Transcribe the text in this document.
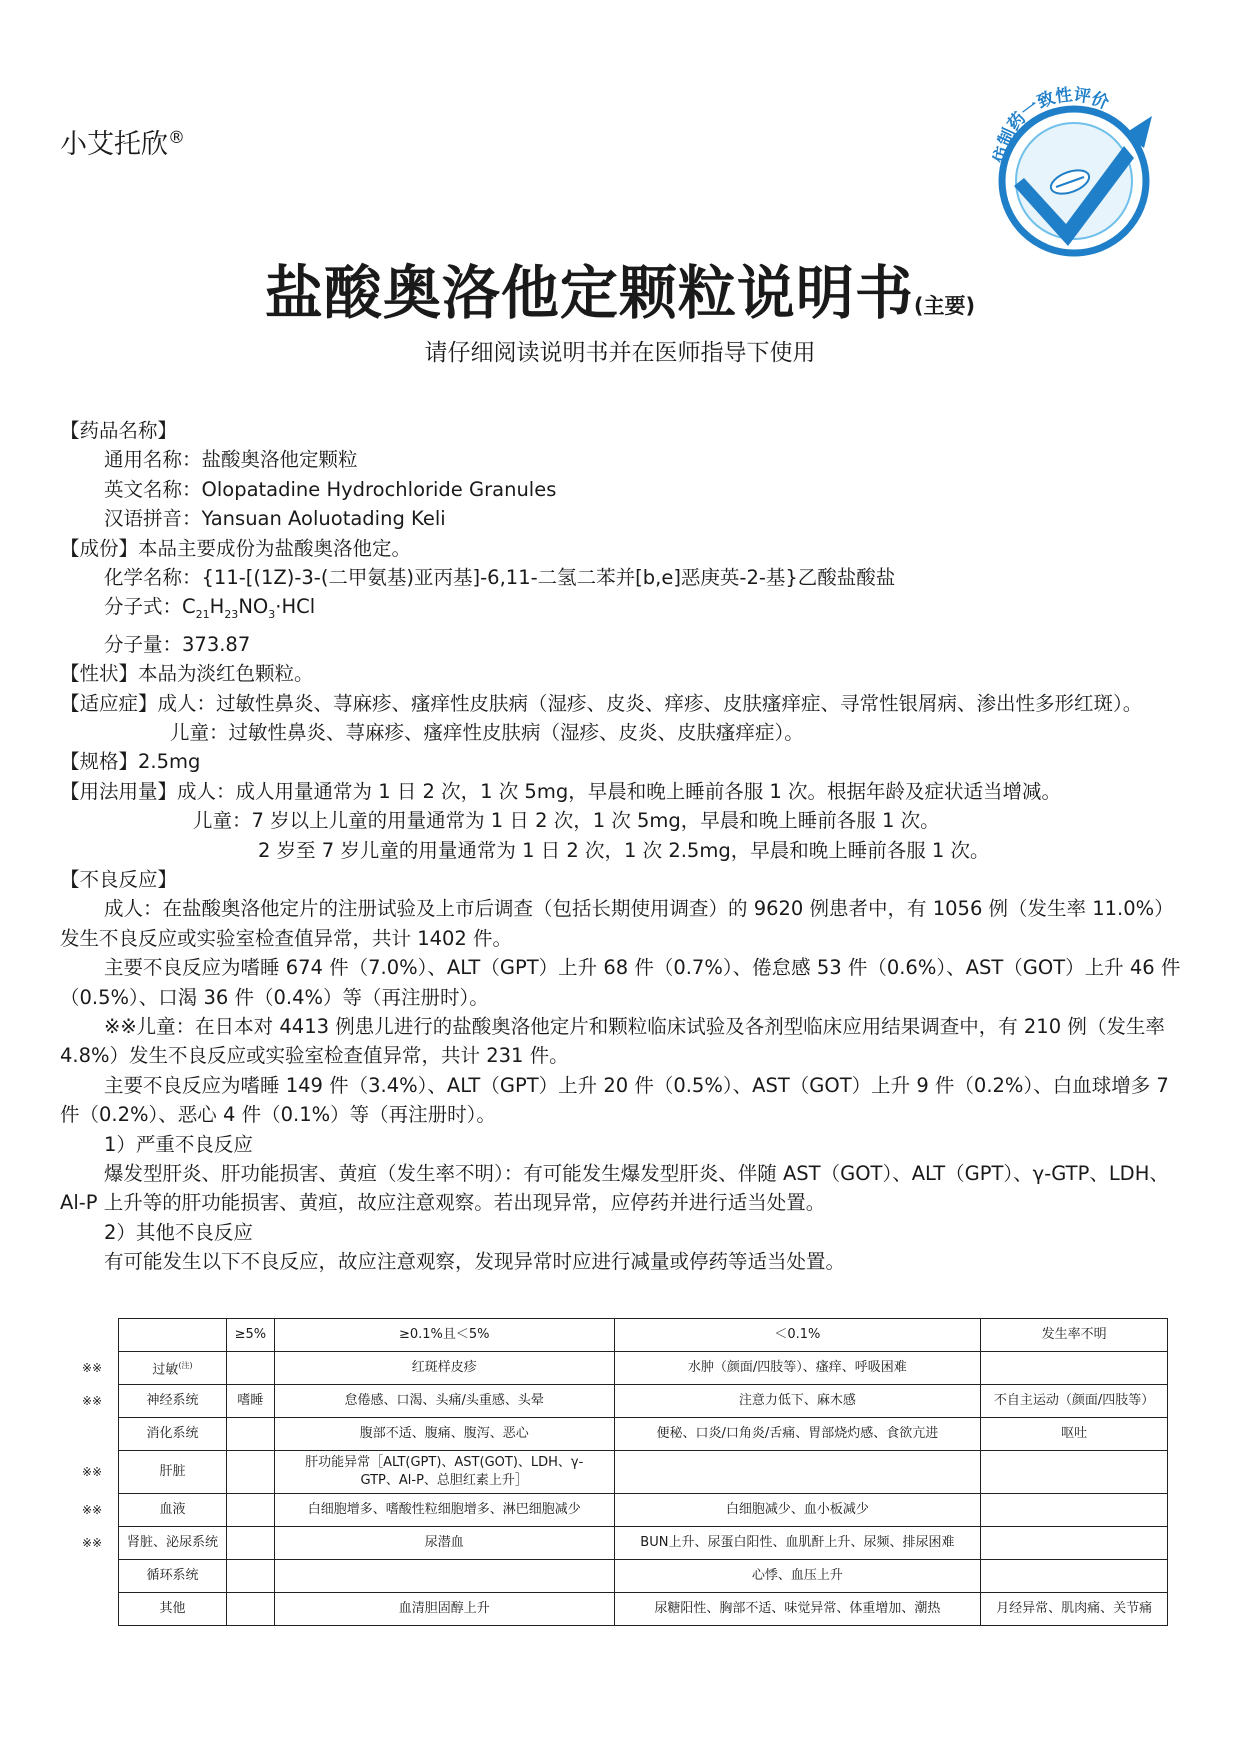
小艾托欣®
仿制药一致性评价
盐酸奥洛他定颗粒说明书(主要)
请仔细阅读说明书并在医师指导下使用

【药品名称】

通用名称：盐酸奥洛他定颗粒

英文名称：Olopatadine Hydrochloride Granules

汉语拼音：Yansuan Aoluotading Keli

【成份】本品主要成份为盐酸奥洛他定。

化学名称：{11-[(1Z)-3-(二甲氨基)亚丙基]-6,11-二氢二苯并[b,e]恶庚英-2-基}乙酸盐酸盐

分子式：$C_{21}H_{23}NO_3\cdot HCl$

分子量：373.87

【性状】本品为淡红色颗粒。

【适应症】成人：过敏性鼻炎、荨麻疹、瘙痒性皮肤病（湿疹、皮炎、痒疹、皮肤瘙痒症、寻常性银屑病、渗出性多形红斑）。

儿童：过敏性鼻炎、荨麻疹、瘙痒性皮肤病（湿疹、皮炎、皮肤瘙痒症）。

【规格】2.5mg

【用法用量】成人：成人用量通常为 1 日 2 次，1 次 5mg，早晨和晚上睡前各服 1 次。根据年龄及症状适当增减。

儿童：7 岁以上儿童的用量通常为 1 日 2 次，1 次 5mg，早晨和晚上睡前各服 1 次。

2 岁至 7 岁儿童的用量通常为 1 日 2 次，1 次 2.5mg，早晨和晚上睡前各服 1 次。

【不良反应】

成人：在盐酸奥洛他定片的注册试验及上市后调查（包括长期使用调查）的 9620 例患者中，有 1056 例（发生率 11.0%）发生不良反应或实验室检查值异常，共计 1402 件。

主要不良反应为嗜睡 674 件（7.0%）、ALT（GPT）上升 68 件（0.7%）、倦怠感 53 件（0.6%）、AST（GOT）上升 46 件（0.5%）、口渴 36 件（0.4%）等（再注册时）。

※※儿童：在日本对 4413 例患儿进行的盐酸奥洛他定片和颗粒临床试验及各剂型临床应用结果调查中，有 210 例（发生率 4.8%）发生不良反应或实验室检查值异常，共计 231 件。

主要不良反应为嗜睡 149 件（3.4%）、ALT（GPT）上升 20 件（0.5%）、AST（GOT）上升 9 件（0.2%）、白血球增多 7 件（0.2%）、恶心 4 件（0.1%）等（再注册时）。

1）严重不良反应

爆发型肝炎、肝功能损害、黄疸（发生率不明）：有可能发生爆发型肝炎、伴随 AST（GOT）、ALT（GPT）、γ-GTP、LDH、Al-P 上升等的肝功能损害、黄疸，故应注意观察。若出现异常，应停药并进行适当处置。

2）其他不良反应

有可能发生以下不良反应，故应注意观察，发现异常时应进行减量或停药等适当处置。

	≥5%	≥0.1%且＜5%	＜0.1%	发生率不明

※※ 过敏$^{(注)}$		红斑样皮疹	水肿（颜面/四肢等）、瘙痒、呼吸困难	

※※ 神经系统	嗜睡	怠倦感、口渴、头痛/头重感、头晕	注意力低下、麻木感	不自主运动（颜面/四肢等）

消化系统		腹部不适、腹痛、腹泻、恶心	便秘、口炎/口角炎/舌痛、胃部烧灼感、食欲亢进	呕吐

※※ 肝脏		肝功能异常［ALT(GPT)、AST(GOT)、LDH、γ-GTP、Al-P、总胆红素上升］		

※※ 血液		白细胞增多、嗜酸性粒细胞增多、淋巴细胞减少	白细胞减少、血小板减少	

※※ 肾脏、泌尿系统		尿潜血	BUN上升、尿蛋白阳性、血肌酐上升、尿频、排尿困难	

循环系统			心悸、血压上升	

其他		血清胆固醇上升	尿糖阳性、胸部不适、味觉异常、体重增加、潮热	月经异常、肌肉痛、关节痛
